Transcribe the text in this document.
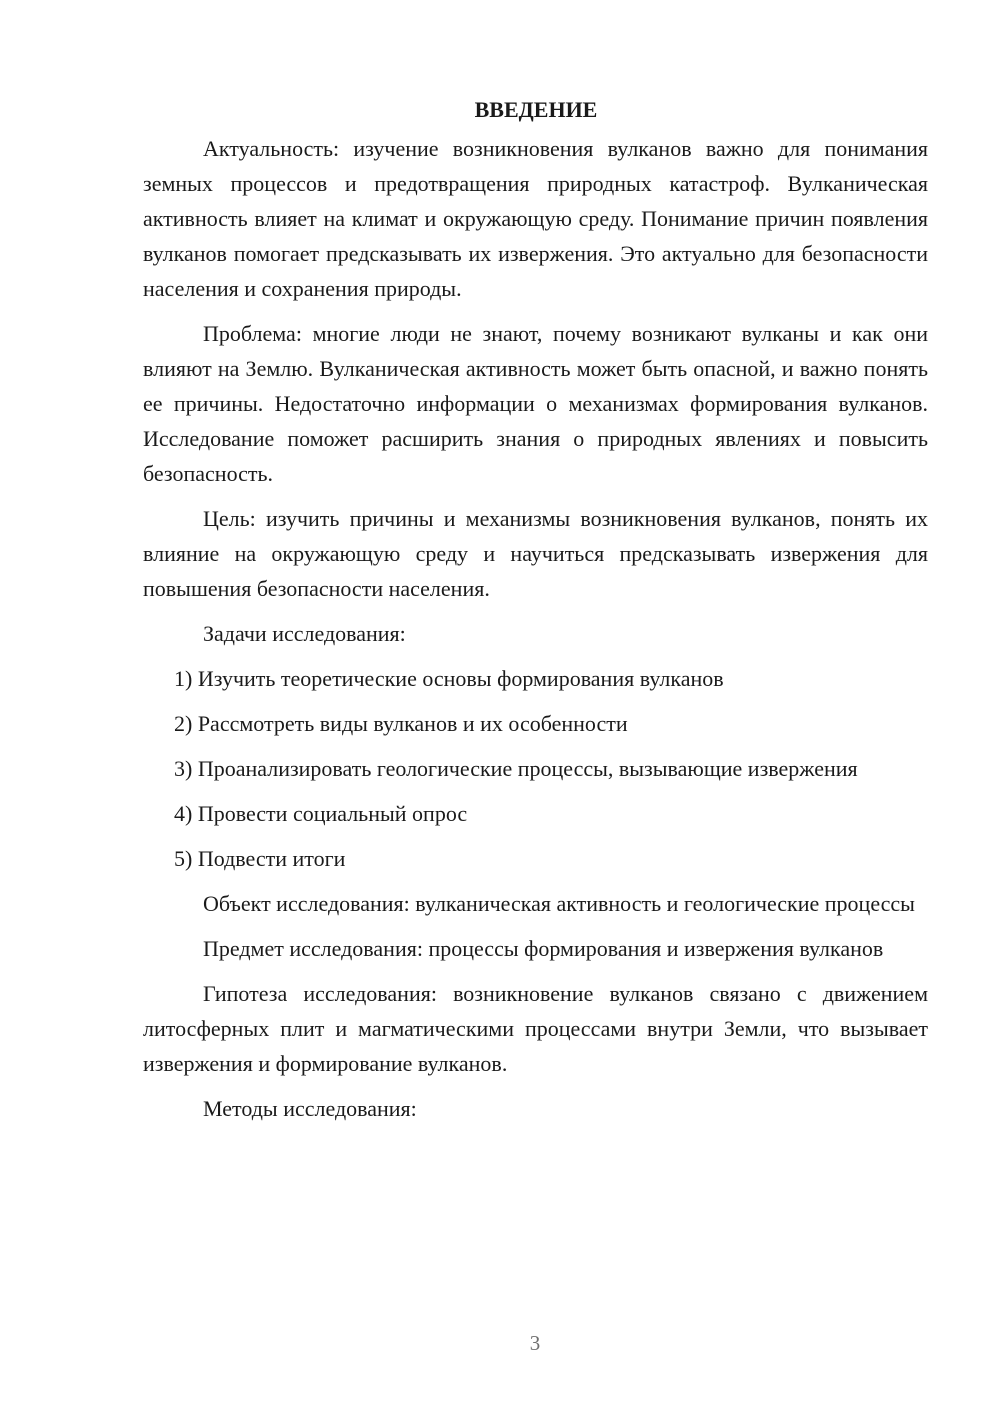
ВВЕДЕНИЕ

Актуальность: изучение возникновения вулканов важно для понимания земных процессов и предотвращения природных катастроф. Вулканическая активность влияет на климат и окружающую среду. Понимание причин появления вулканов помогает предсказывать их извержения. Это актуально для безопасности населения и сохранения природы.

Проблема: многие люди не знают, почему возникают вулканы и как они влияют на Землю. Вулканическая активность может быть опасной, и важно понять ее причины. Недостаточно информации о механизмах формирования вулканов. Исследование поможет расширить знания о природных явлениях и повысить безопасность.

Цель: изучить причины и механизмы возникновения вулканов, понять их влияние на окружающую среду и научиться предсказывать извержения для повышения безопасности населения.

Задачи исследования:

1) Изучить теоретические основы формирования вулканов

2) Рассмотреть виды вулканов и их особенности

3) Проанализировать геологические процессы, вызывающие извержения

4) Провести социальный опрос

5) Подвести итоги

Объект исследования: вулканическая активность и геологические процессы

Предмет исследования: процессы формирования и извержения вулканов

Гипотеза исследования: возникновение вулканов связано с движением литосферных плит и магматическими процессами внутри Земли, что вызывает извержения и формирование вулканов.

Методы исследования:

3
